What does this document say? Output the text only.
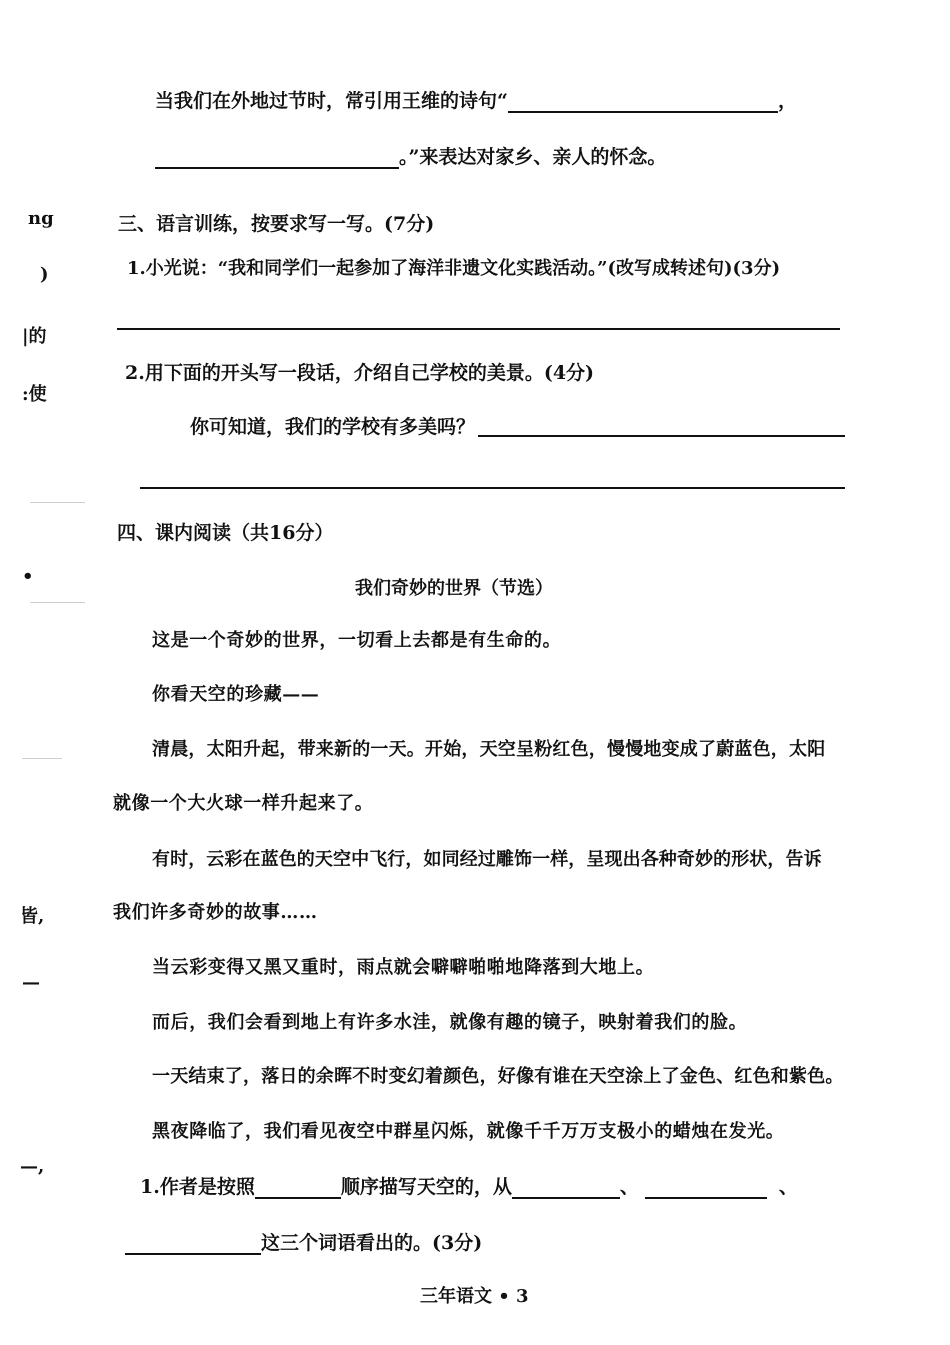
ng
)
|的
:使
•
皆,
—
—,
当我们在外地过节时，常引用王维的诗句“	，
。”来表达对家乡、亲人的怀念。
三、语言训练，按要求写一写。(7分)
1.小光说：“我和同学们一起参加了海洋非遗文化实践活动。”(改写成转述句)(3分)
2.用下面的开头写一段话，介绍自己学校的美景。(4分)
你可知道，我们的学校有多美吗？
四、课内阅读（共16分）
我们奇妙的世界（节选）
这是一个奇妙的世界，一切看上去都是有生命的。
你看天空的珍藏——
清晨，太阳升起，带来新的一天。开始，天空呈粉红色，慢慢地变成了蔚蓝色，太阳
就像一个大火球一样升起来了。
有时，云彩在蓝色的天空中飞行，如同经过雕饰一样，呈现出各种奇妙的形状，告诉
我们许多奇妙的故事……
当云彩变得又黑又重时，雨点就会噼噼啪啪地降落到大地上。
而后，我们会看到地上有许多水洼，就像有趣的镜子，映射着我们的脸。
一天结束了，落日的余晖不时变幻着颜色，好像有谁在天空涂上了金色、红色和紫色。
黑夜降临了，我们看见夜空中群星闪烁，就像千千万万支极小的蜡烛在发光。
1.作者是按照	顺序描写天空的，从	、	、
这三个词语看出的。(3分)
三年语文 • 3
